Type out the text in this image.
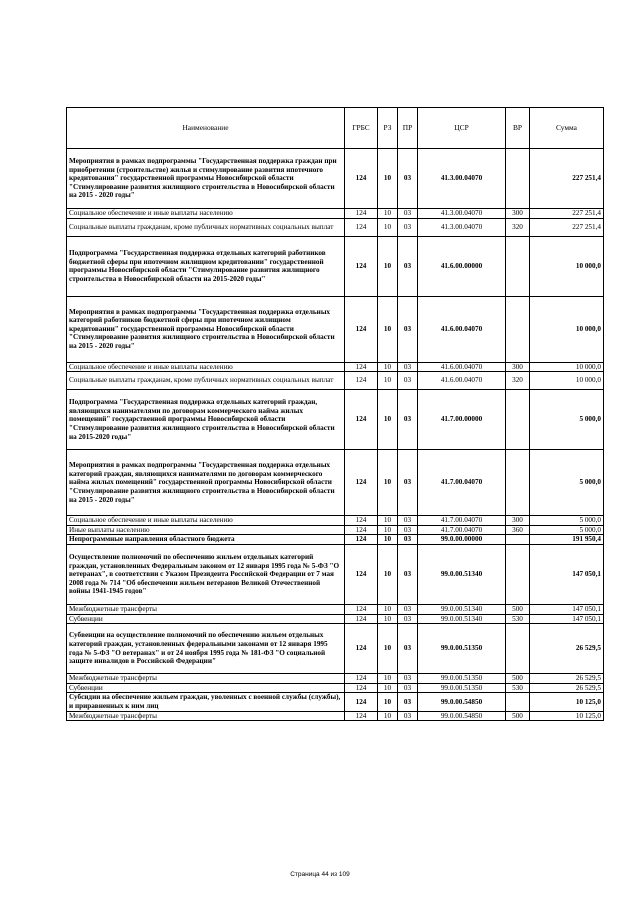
Наименование	ГРБС	РЗ	ПР	ЦСР	ВР	Сумма
Мероприятия в рамках подпрограммы "Государственная поддержка граждан при приобретении (строительстве) жилья и стимулирование развития ипотечного кредитования" государственной программы Новосибирской области "Стимулирование развития жилищного строительства в Новосибирской области на 2015 - 2020 годы"	124	10	03	41.3.00.04070		227 251,4
Социальное обеспечение и иные выплаты населению	124	10	03	41.3.00.04070	300	227 251,4
Социальные выплаты гражданам, кроме публичных нормативных социальных выплат	124	10	03	41.3.00.04070	320	227 251,4
Подпрограмма "Государственная поддержка отдельных категорий работников бюджетной сферы при ипотечном жилищном кредитовании" государственной программы Новосибирской области "Стимулирование развития жилищного строительства в Новосибирской области на 2015-2020 годы"	124	10	03	41.6.00.00000		10 000,0
Мероприятия в рамках подпрограммы "Государственная поддержка отдельных категорий работников бюджетной сферы при ипотечном жилищном кредитовании" государственной программы Новосибирской области "Стимулирование развития жилищного строительства в Новосибирской области на 2015 - 2020 годы"	124	10	03	41.6.00.04070		10 000,0
Социальное обеспечение и иные выплаты населению	124	10	03	41.6.00.04070	300	10 000,0
Социальные выплаты гражданам, кроме публичных нормативных социальных выплат	124	10	03	41.6.00.04070	320	10 000,0
Подпрограмма "Государственная поддержка отдельных категорий граждан, являющихся нанимателями по договорам коммерческого найма жилых помещений" государственной программы Новосибирской области "Стимулирование развития жилищного строительства в Новосибирской области на 2015-2020 годы"	124	10	03	41.7.00.00000		5 000,0
Мероприятия в рамках подпрограммы "Государственная поддержка отдельных категорий граждан, являющихся нанимателями по договорам коммерческого найма жилых помещений" государственной программы Новосибирской области "Стимулирование развития жилищного строительства в Новосибирской области на 2015 - 2020 годы"	124	10	03	41.7.00.04070		5 000,0
Социальное обеспечение и иные выплаты населению	124	10	03	41.7.00.04070	300	5 000,0
Иные выплаты населению	124	10	03	41.7.00.04070	360	5 000,0
Непрограммные направления областного бюджета	124	10	03	99.0.00.00000		191 950,4
Осуществление полномочий по обеспечению жильем отдельных категорий граждан, установленных Федеральным законом от 12 января 1995 года № 5-ФЗ "О ветеранах", в соответствии с Указом Президента Российской Федерации от 7 мая 2008 года № 714 "Об обеспечении жильем ветеранов Великой Отечественной войны 1941-1945 годов"	124	10	03	99.0.00.51340		147 050,1
Межбюджетные трансферты	124	10	03	99.0.00.51340	500	147 050,1
Субвенции	124	10	03	99.0.00.51340	530	147 050,1
Субвенции на осуществление полномочий по обеспечению жильем отдельных категорий граждан, установленных федеральными законами от 12 января 1995 года № 5-ФЗ "О ветеранах" и от 24 ноября 1995 года № 181-ФЗ "О социальной защите инвалидов в Российской Федерации"	124	10	03	99.0.00.51350		26 529,5
Межбюджетные трансферты	124	10	03	99.0.00.51350	500	26 529,5
Субвенции	124	10	03	99.0.00.51350	530	26 529,5
Субсидии на обеспечение жильем граждан, уволенных с военной службы (службы), и приравненных к ним лиц	124	10	03	99.0.00.54850		10 125,0
Межбюджетные трансферты	124	10	03	99.0.00.54850	500	10 125,0
Страница 44 из 109
